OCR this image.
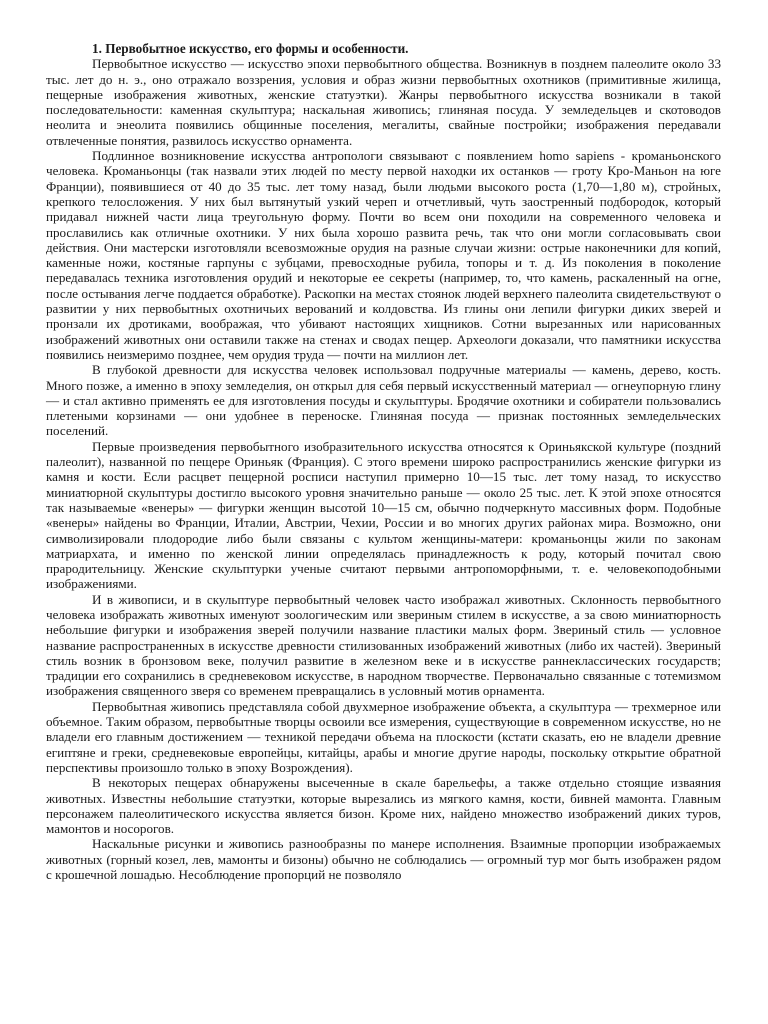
1. Первобытное искусство, его формы и особенности.

Первобытное искусство — искусство эпохи первобытного общества. Возникнув в позднем палеолите около 33 тыс. лет до н. э., оно отражало воззрения, условия и образ жизни первобытных охотников (примитивные жилища, пещерные изображения животных, женские статуэтки). Жанры первобытного искусства возникали в такой последовательности: каменная скульптура; наскальная живопись; глиняная посуда. У земледельцев и скотоводов неолита и энеолита появились общинные поселения, мегалиты, свайные постройки; изображения передавали отвлеченные понятия, развилось искусство орнамента.

Подлинное возникновение искусства антропологи связывают с появлением homo sapiens - кроманьонского человека. Кроманьонцы (так назвали этих людей по месту первой находки их останков — гроту Кро-Маньон на юге Франции), появившиеся от 40 до 35 тыс. лет тому назад, были людьми высокого роста (1,70—1,80 м), стройных, крепкого телосложения. У них был вытянутый узкий череп и отчетливый, чуть заостренный подбородок, который придавал нижней части лица треугольную форму. Почти во всем они походили на современного человека и прославились как отличные охотники. У них была хорошо развита речь, так что они могли согласовывать свои действия. Они мастерски изготовляли всевозможные орудия на разные случаи жизни: острые наконечники для копий, каменные ножи, костяные гарпуны с зубцами, превосходные рубила, топоры и т. д. Из поколения в поколение передавалась техника изготовления орудий и некоторые ее секреты (например, то, что камень, раскаленный на огне, после остывания легче поддается обработке). Раскопки на местах стоянок людей верхнего палеолита свидетельствуют о развитии у них первобытных охотничьих верований и колдовства. Из глины они лепили фигурки диких зверей и пронзали их дротиками, воображая, что убивают настоящих хищников. Сотни вырезанных или нарисованных изображений животных они оставили также на стенах и сводах пещер. Археологи доказали, что памятники искусства появились неизмеримо позднее, чем орудия труда — почти на миллион лет.

В глубокой древности для искусства человек использовал подручные материалы — камень, дерево, кость. Много позже, а именно в эпоху земледелия, он открыл для себя первый искусственный материал — огнеупорную глину — и стал активно применять ее для изготовления посуды и скульптуры. Бродячие охотники и собиратели пользовались плетеными корзинами — они удобнее в переноске. Глиняная посуда — признак постоянных земледельческих поселений.

Первые произведения первобытного изобразительного искусства относятся к Ориньякской культуре (поздний палеолит), названной по пещере Ориньяк (Франция). С этого времени широко распространились женские фигурки из камня и кости. Если расцвет пещерной росписи наступил примерно 10—15 тыс. лет тому назад, то искусство миниатюрной скульптуры достигло высокого уровня значительно раньше — около 25 тыс. лет. К этой эпохе относятся так называемые «венеры» — фигурки женщин высотой 10—15 см, обычно подчеркнуто массивных форм. Подобные «венеры» найдены во Франции, Италии, Австрии, Чехии, России и во многих других районах мира. Возможно, они символизировали плодородие либо были связаны с культом женщины-матери: кроманьонцы жили по законам матриархата, и именно по женской линии определялась принадлежность к роду, который почитал свою прародительницу. Женские скульптурки ученые считают первыми антропоморфными, т. е. человекоподобными изображениями.

И в живописи, и в скульптуре первобытный человек часто изображал животных. Склонность первобытного человека изображать животных именуют зоологическим или звериным стилем в искусстве, а за свою миниатюрность небольшие фигурки и изображения зверей получили название пластики малых форм. Звериный стиль — условное название распространенных в искусстве древности стилизованных изображений животных (либо их частей). Звериный стиль возник в бронзовом веке, получил развитие в железном веке и в искусстве раннеклассических государств; традиции его сохранились в средневековом искусстве, в народном творчестве. Первоначально связанные с тотемизмом изображения священного зверя со временем превращались в условный мотив орнамента.

Первобытная живопись представляла собой двухмерное изображение объекта, а скульптура — трехмерное или объемное. Таким образом, первобытные творцы освоили все измерения, существующие в современном искусстве, но не владели его главным достижением — техникой передачи объема на плоскости (кстати сказать, ею не владели древние египтяне и греки, средневековые европейцы, китайцы, арабы и многие другие народы, поскольку открытие обратной перспективы произошло только в эпоху Возрождения).

В некоторых пещерах обнаружены высеченные в скале барельефы, а также отдельно стоящие изваяния животных. Известны небольшие статуэтки, которые вырезались из мягкого камня, кости, бивней мамонта. Главным персонажем палеолитического искусства является бизон. Кроме них, найдено множество изображений диких туров, мамонтов и носорогов.

Наскальные рисунки и живопись разнообразны по манере исполнения. Взаимные пропорции изображаемых животных (горный козел, лев, мамонты и бизоны) обычно не соблюдались — огромный тур мог быть изображен рядом с крошечной лошадью. Несоблюдение пропорций не позволяло
